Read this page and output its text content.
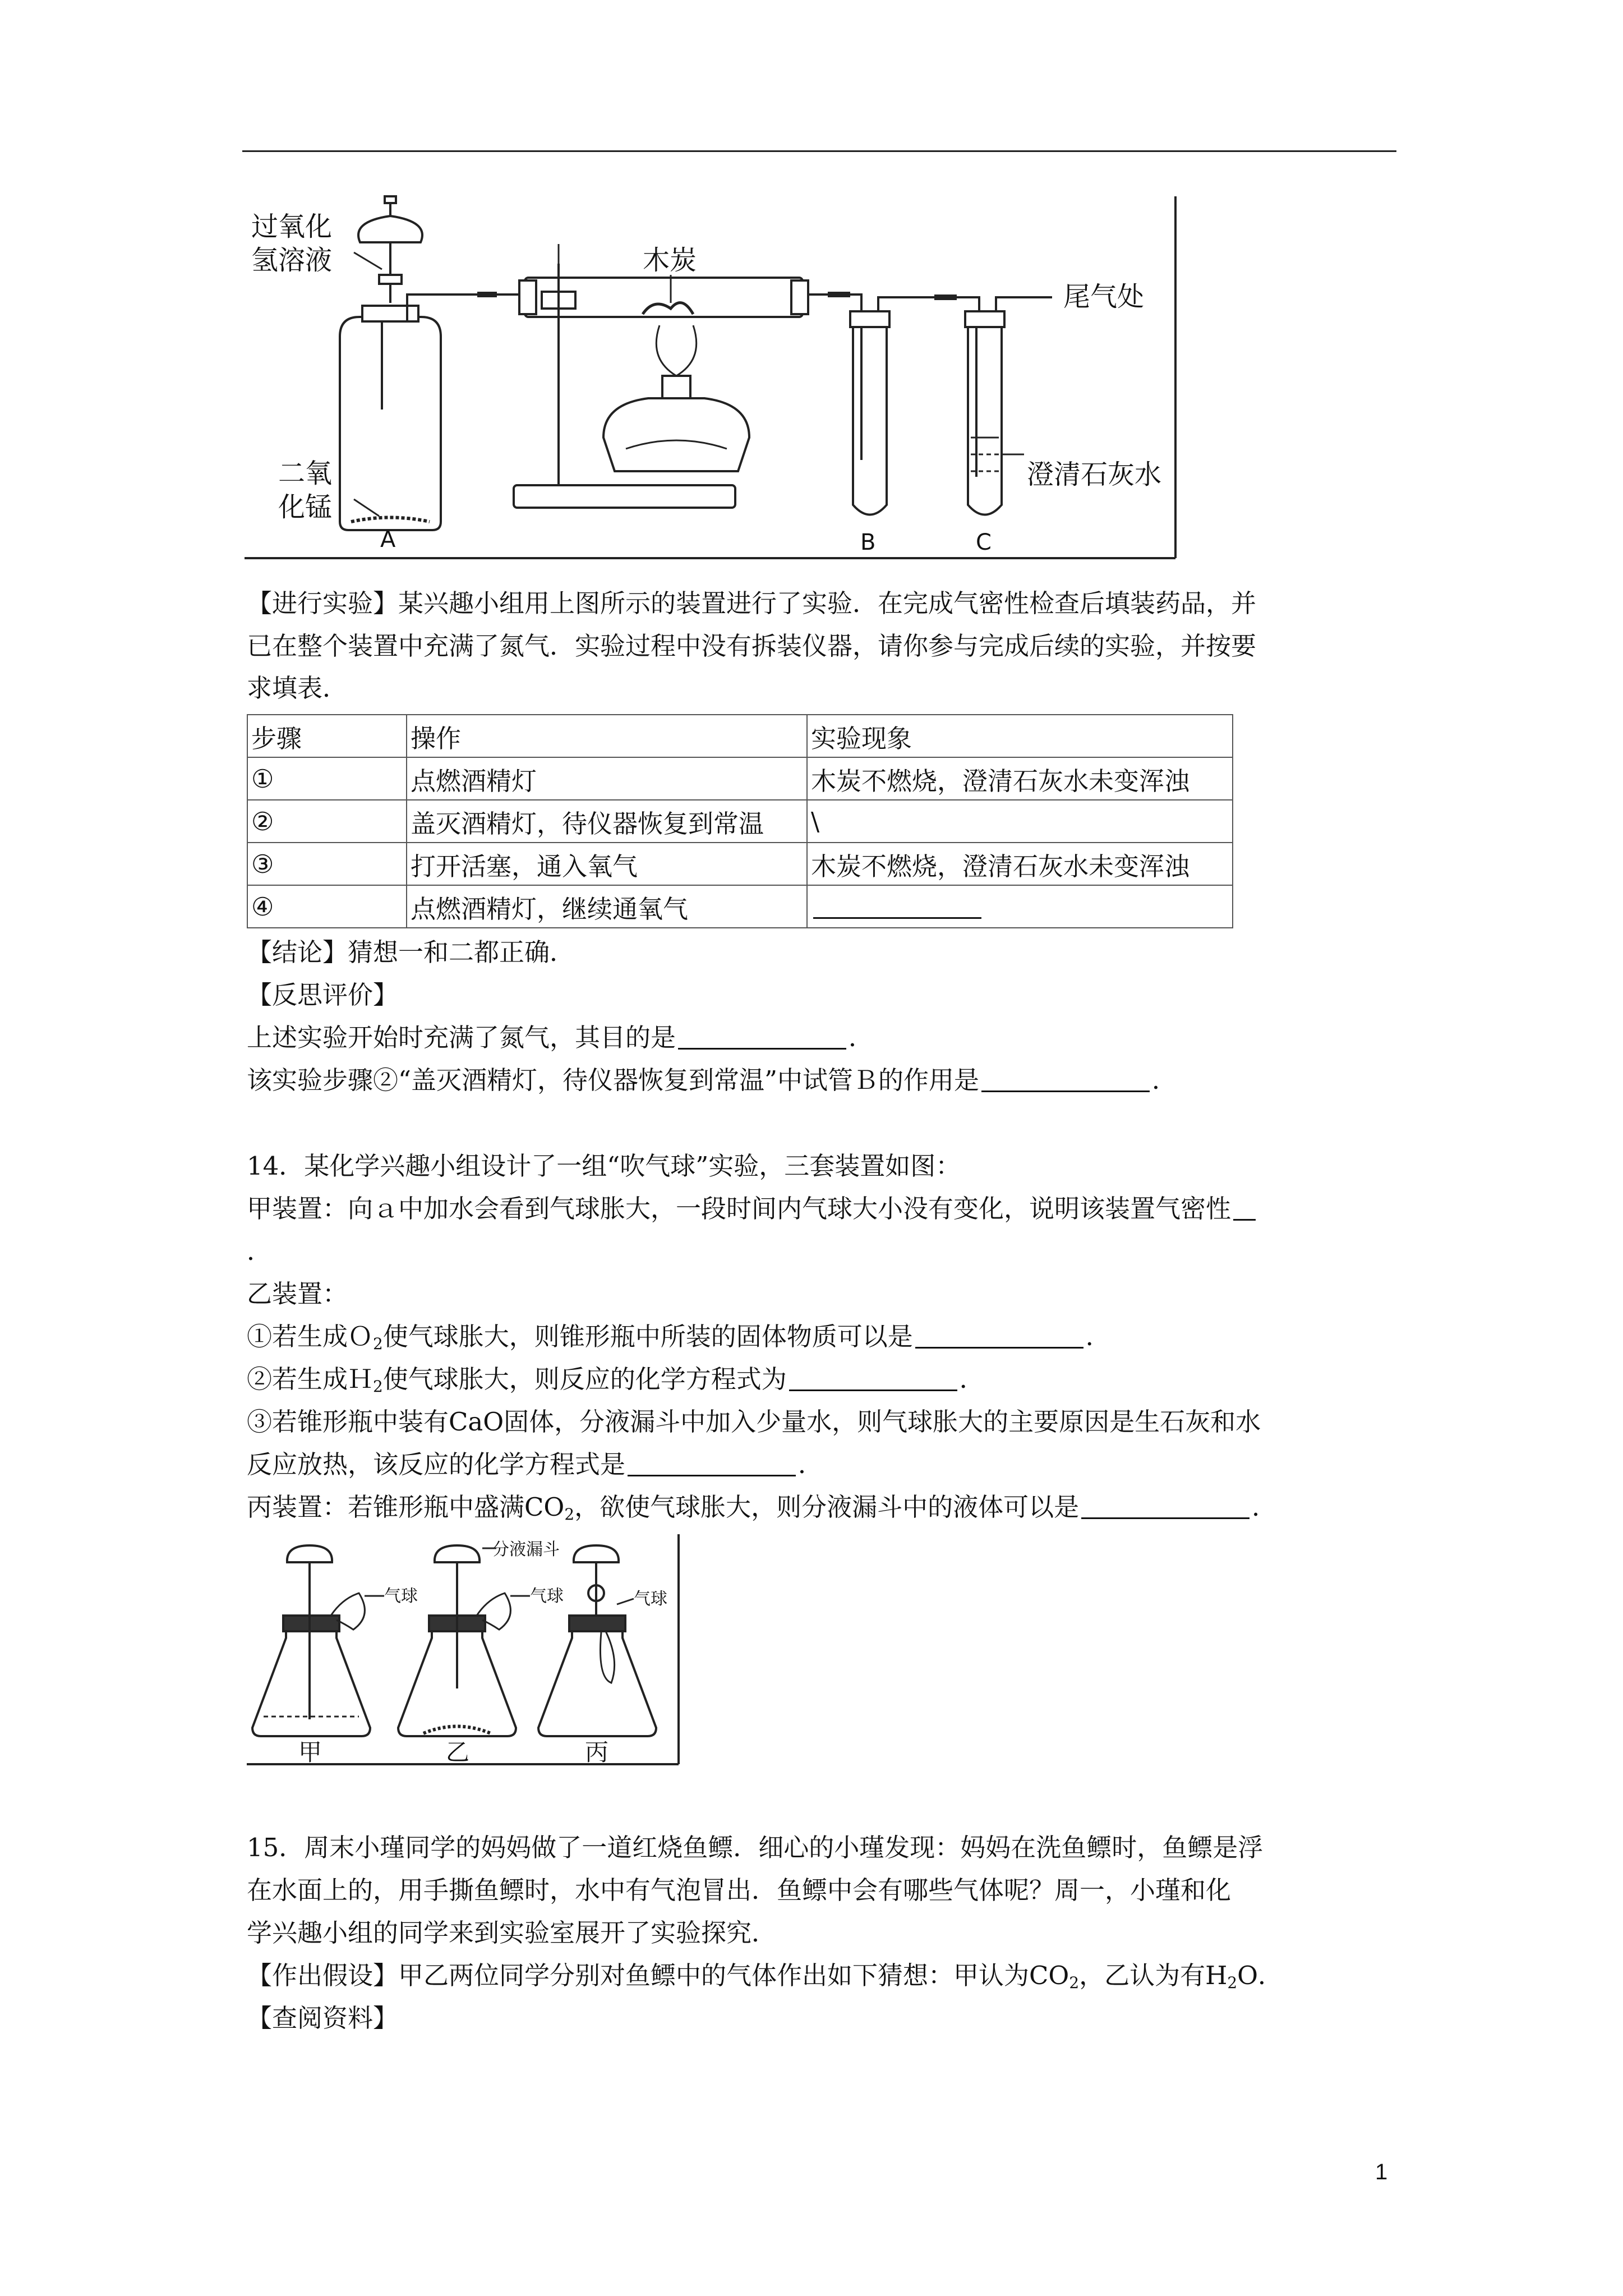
过氧化
氢溶液
二氧
化锰
木炭
尾气处
澄清石灰水
A	B	C
【进行实验】某兴趣小组用上图所示的装置进行了实验．在完成气密性检查后填装药品，并
已在整个装置中充满了氮气．实验过程中没有拆装仪器，请你参与完成后续的实验，并按要
求填表．
步骤	操作	实验现象
①	点燃酒精灯	木炭不燃烧，澄清石灰水未变浑浊
②	盖灭酒精灯，待仪器恢复到常温	\
③	打开活塞，通入氧气	木炭不燃烧，澄清石灰水未变浑浊
④	点燃酒精灯，继续通氧气	
【结论】猜想一和二都正确．
【反思评价】
上述实验开始时充满了氮气，其目的是	．
该实验步骤②“盖灭酒精灯，待仪器恢复到常温”中试管Ｂ的作用是	．
14．某化学兴趣小组设计了一组“吹气球”实验，三套装置如图：
甲装置：向ａ中加水会看到气球胀大，一段时间内气球大小没有变化，说明该装置气密性
．
乙装置：
①若生成Ｏ$_2$使气球胀大，则锥形瓶中所装的固体物质可以是	．
②若生成Ｈ$_2$使气球胀大，则反应的化学方程式为	．
③若锥形瓶中装有CaO固体，分液漏斗中加入少量水，则气球胀大的主要原因是生石灰和水
反应放热，该反应的化学方程式是	．
丙装置：若锥形瓶中盛满$CO_2$，欲使气球胀大，则分液漏斗中的液体可以是	．
分液漏斗
气球	气球	气球
甲	乙	丙
15．周末小瑾同学的妈妈做了一道红烧鱼鳔．细心的小瑾发现：妈妈在洗鱼鳔时，鱼鳔是浮
在水面上的，用手撕鱼鳔时，水中有气泡冒出．鱼鳔中会有哪些气体呢？周一，小瑾和化
学兴趣小组的同学来到实验室展开了实验探究．
【作出假设】甲乙两位同学分别对鱼鳔中的气体作出如下猜想：甲认为$CO_2$，乙认为有$H_2O$．
【查阅资料】
1
